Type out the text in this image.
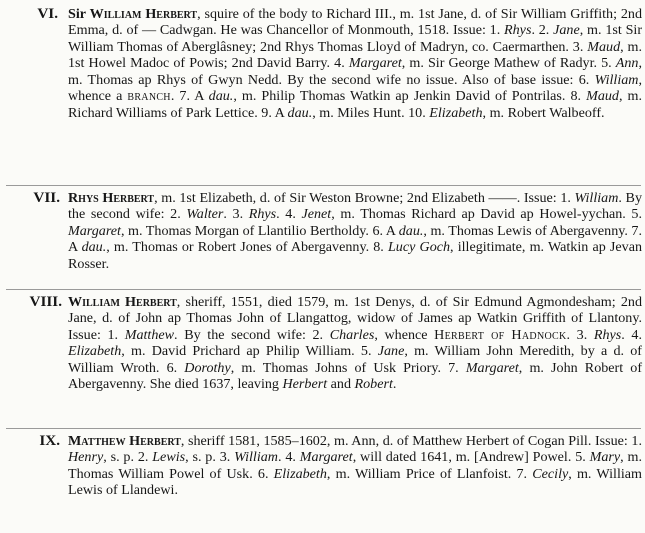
VI. Sir William Herbert, squire of the body to Richard III., m. 1st Jane, d. of Sir William Griffith; 2nd Emma, d. of — Cadwgan. He was Chancellor of Monmouth, 1518. Issue: 1. Rhys. 2. Jane, m. 1st Sir William Thomas of Aberglâsney; 2nd Rhys Thomas Lloyd of Madryn, co. Caermarthen. 3. Maud, m. 1st Howel Madoc of Powis; 2nd David Barry. 4. Margaret, m. Sir George Mathew of Radyr. 5. Ann, m. Thomas ap Rhys of Gwyn Nedd. By the second wife no issue. Also of base issue: 6. William, whence a branch. 7. A dau., m. Philip Thomas Watkin ap Jenkin David of Pontrilas. 8. Maud, m. Richard Williams of Park Lettice. 9. A dau., m. Miles Hunt. 10. Elizabeth, m. Robert Walbeoff.
VII. Rhys Herbert, m. 1st Elizabeth, d. of Sir Weston Browne; 2nd Elizabeth ——. Issue: 1. William. By the second wife: 2. Walter. 3. Rhys. 4. Jenet, m. Thomas Richard ap David ap Howel-yychan. 5. Margaret, m. Thomas Morgan of Llantilio Bertholdy. 6. A dau., m. Thomas Lewis of Abergavenny. 7. A dau., m. Thomas or Robert Jones of Abergavenny. 8. Lucy Goch, illegitimate, m. Watkin ap Jevan Rosser.
VIII. William Herbert, sheriff, 1551, died 1579, m. 1st Denys, d. of Sir Edmund Agmondesham; 2nd Jane, d. of John ap Thomas John of Llangattog, widow of James ap Watkin Griffith of Llantony. Issue: 1. Matthew. By the second wife: 2. Charles, whence Herbert of Hadnock. 3. Rhys. 4. Elizabeth, m. David Prichard ap Philip William. 5. Jane, m. William John Meredith, by a d. of William Wroth. 6. Dorothy, m. Thomas Johns of Usk Priory. 7. Margaret, m. John Robert of Abergavenny. She died 1637, leaving Herbert and Robert.
IX. Matthew Herbert, sheriff 1581, 1585–1602, m. Ann, d. of Matthew Herbert of Cogan Pill. Issue: 1. Henry, s. p. 2. Lewis, s. p. 3. William. 4. Margaret, will dated 1641, m. [Andrew] Powel. 5. Mary, m. Thomas William Powel of Usk. 6. Elizabeth, m. William Price of Llanfoist. 7. Cecily, m. William Lewis of Llandewi.
